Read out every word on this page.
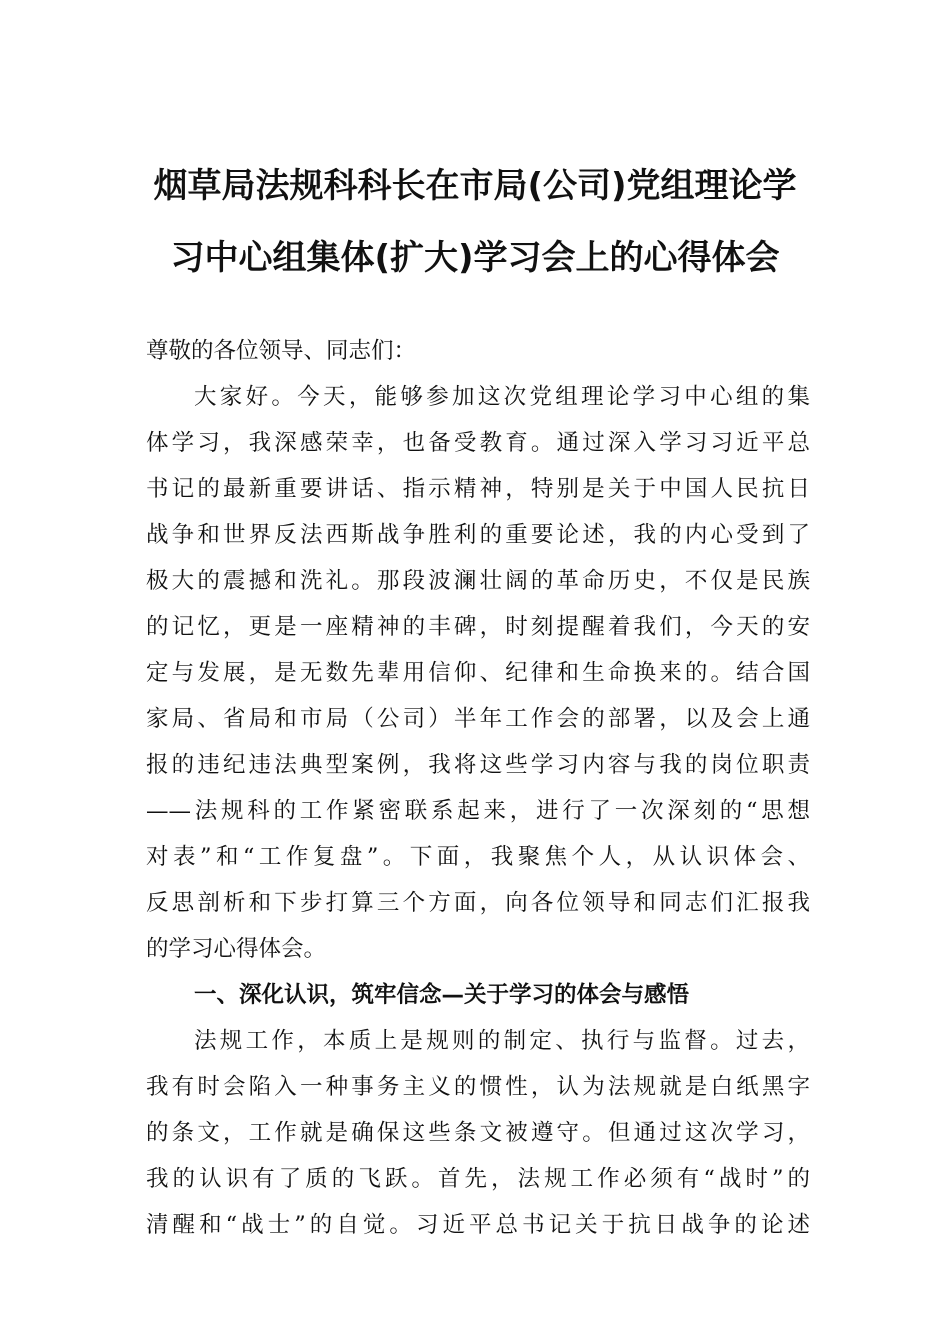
烟草局法规科科长在市局(公司)党组理论学
习中心组集体(扩大)学习会上的心得体会
尊敬的各位领导、同志们：
大家好。今天，能够参加这次党组理论学习中心组的集
体学习，我深感荣幸，也备受教育。通过深入学习习近平总
书记的最新重要讲话、指示精神，特别是关于中国人民抗日
战争和世界反法西斯战争胜利的重要论述，我的内心受到了
极大的震撼和洗礼。那段波澜壮阔的革命历史，不仅是民族
的记忆，更是一座精神的丰碑，时刻提醒着我们，今天的安
定与发展，是无数先辈用信仰、纪律和生命换来的。结合国
家局、省局和市局（公司）半年工作会的部署，以及会上通
报的违纪违法典型案例，我将这些学习内容与我的岗位职责
——法规科的工作紧密联系起来，进行了一次深刻的“思想
对表”和“工作复盘”。下面，我聚焦个人，从认识体会、
反思剖析和下步打算三个方面，向各位领导和同志们汇报我
的学习心得体会。
一、深化认识，筑牢信念—关于学习的体会与感悟
法规工作，本质上是规则的制定、执行与监督。过去，
我有时会陷入一种事务主义的惯性，认为法规就是白纸黑字
的条文，工作就是确保这些条文被遵守。但通过这次学习，
我的认识有了质的飞跃。首先，法规工作必须有“战时”的
清醒和“战士”的自觉。习近平总书记关于抗日战争的论述
